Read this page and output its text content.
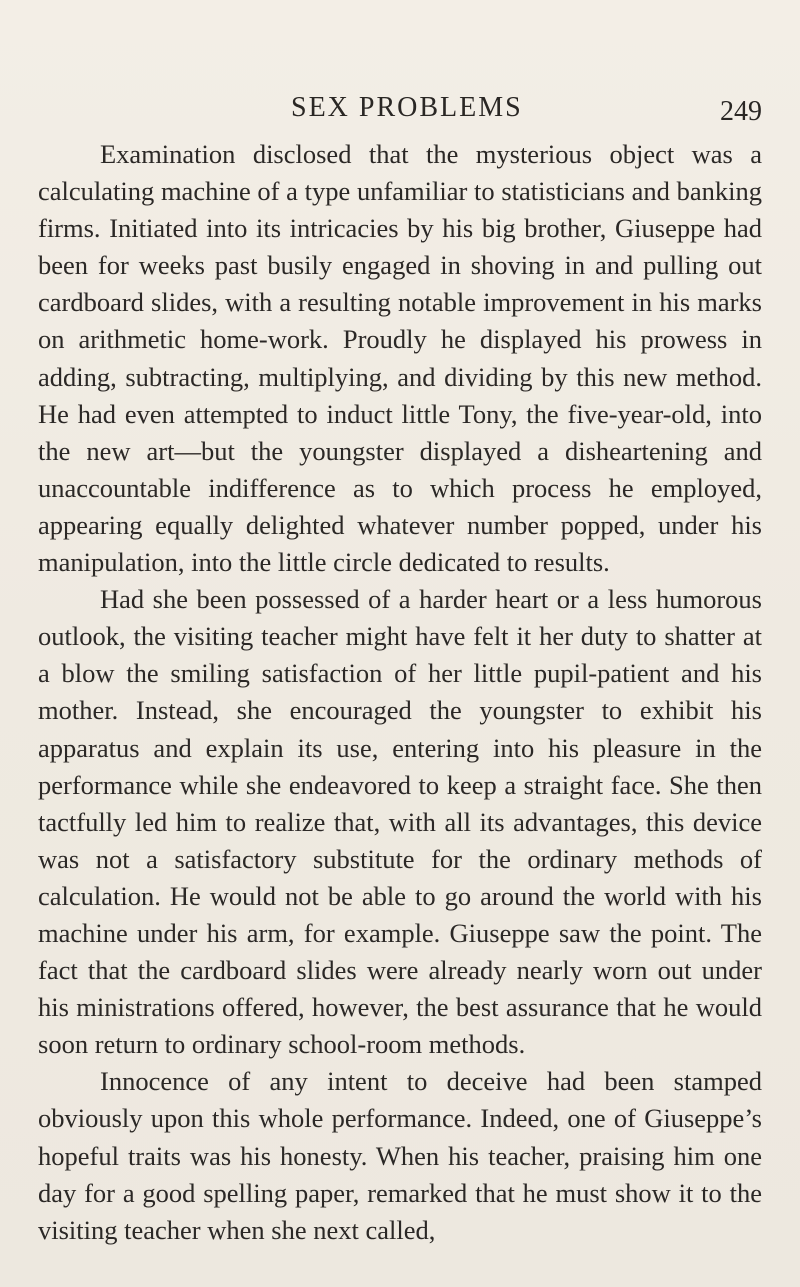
SEX PROBLEMS	249

Examination disclosed that the mysterious object was a calculating machine of a type unfamiliar to statisticians and banking firms. Initiated into its intricacies by his big brother, Giuseppe had been for weeks past busily engaged in shoving in and pulling out cardboard slides, with a resulting notable improvement in his marks on arithmetic home-work. Proudly he displayed his prowess in adding, subtracting, multiplying, and dividing by this new method. He had even attempted to induct little Tony, the five-year-old, into the new art—but the youngster displayed a disheartening and unaccountable indifference as to which process he employed, appearing equally delighted whatever number popped, under his manipulation, into the little circle dedicated to results.

Had she been possessed of a harder heart or a less humorous outlook, the visiting teacher might have felt it her duty to shatter at a blow the smiling satisfaction of her little pupil-patient and his mother. Instead, she encouraged the youngster to exhibit his apparatus and explain its use, entering into his pleasure in the performance while she endeavored to keep a straight face. She then tactfully led him to realize that, with all its advantages, this device was not a satisfactory substitute for the ordinary methods of calculation. He would not be able to go around the world with his machine under his arm, for example. Giuseppe saw the point. The fact that the cardboard slides were already nearly worn out under his ministrations offered, however, the best assurance that he would soon return to ordinary school-room methods.

Innocence of any intent to deceive had been stamped obviously upon this whole performance. Indeed, one of Giuseppe’s hopeful traits was his honesty. When his teacher, praising him one day for a good spelling paper, remarked that he must show it to the visiting teacher when she next called,
